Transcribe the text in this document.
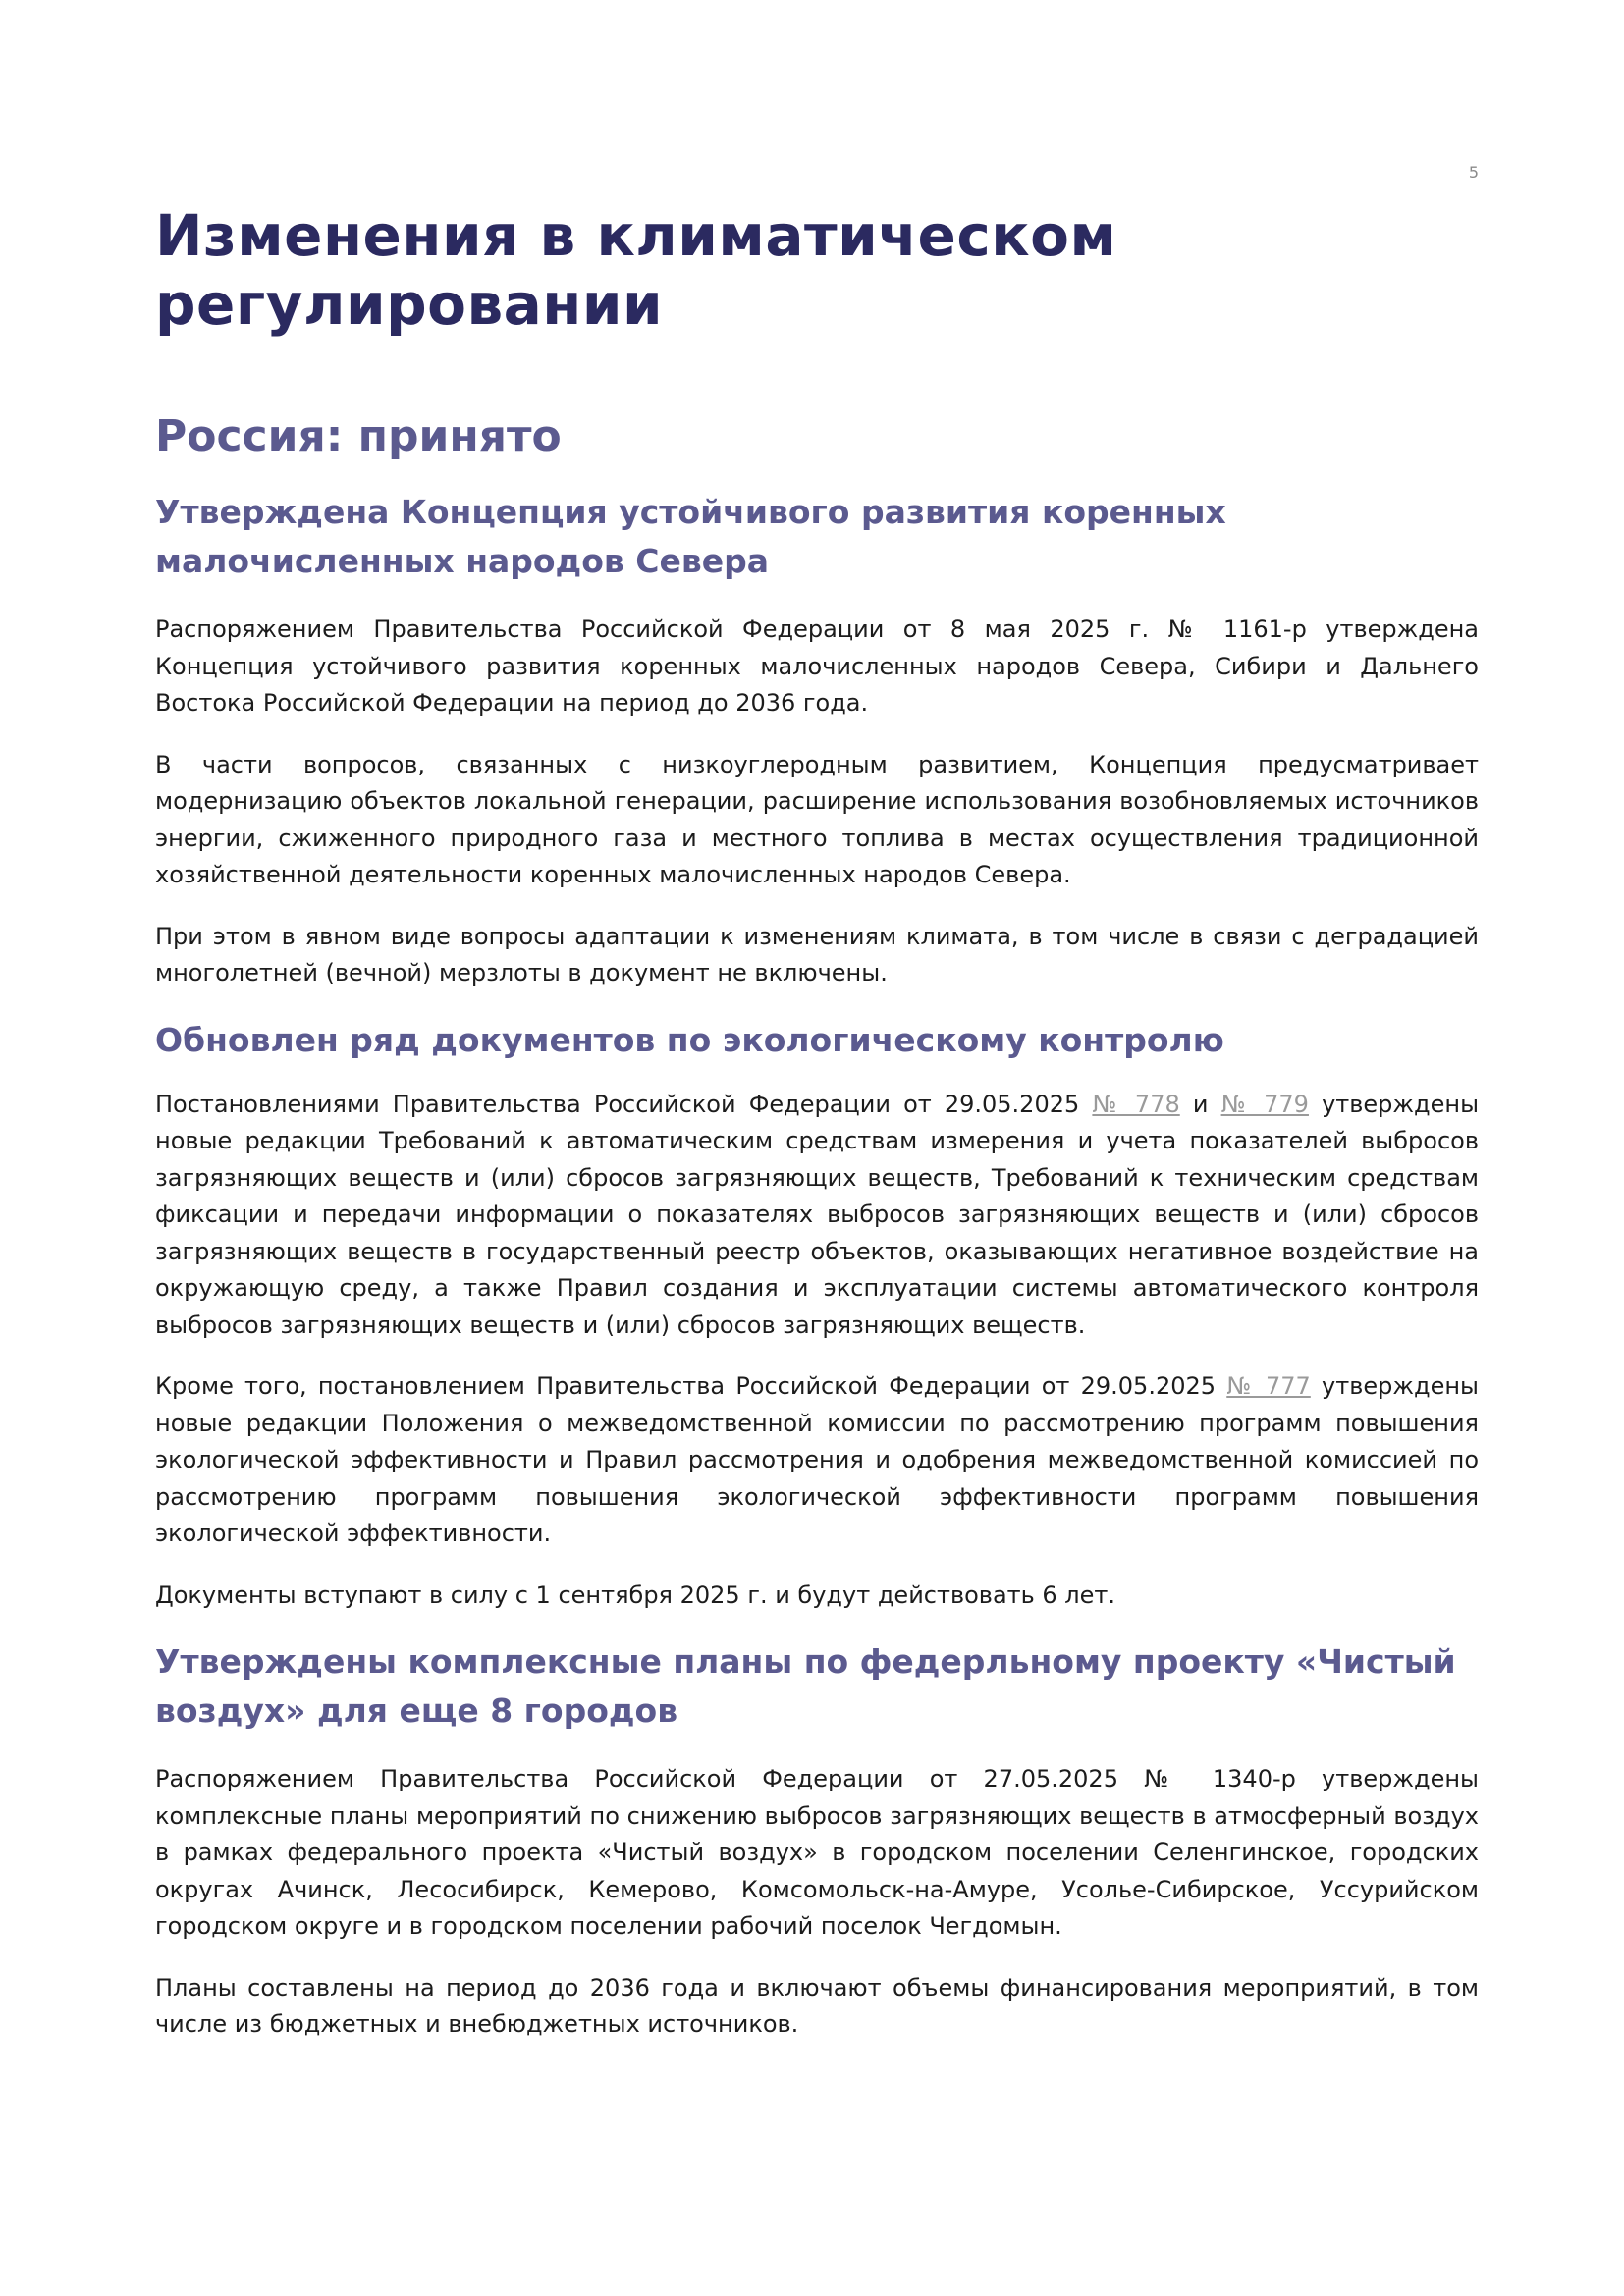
5
Изменения в климатическом регулировании
Россия: принято
Утверждена Концепция устойчивого развития коренных малочисленных народов Севера

Распоряжением Правительства Российской Федерации от 8 мая 2025 г. № 1161-р утверждена Концепция устойчивого развития коренных малочисленных народов Севера, Сибири и Дальнего Востока Российской Федерации на период до 2036 года.

В части вопросов, связанных с низкоуглеродным развитием, Концепция предусматривает модернизацию объектов локальной генерации, расширение использования возобновляемых источников энергии, сжиженного природного газа и местного топлива в местах осуществления традиционной хозяйственной деятельности коренных малочисленных народов Севера.

При этом в явном виде вопросы адаптации к изменениям климата, в том числе в связи с деградацией многолетней (вечной) мерзлоты в документ не включены.

Обновлен ряд документов по экологическому контролю

Постановлениями Правительства Российской Федерации от 29.05.2025 № 778 и № 779 утверждены новые редакции Требований к автоматическим средствам измерения и учета показателей выбросов загрязняющих веществ и (или) сбросов загрязняющих веществ, Требований к техническим средствам фиксации и передачи информации о показателях выбросов загрязняющих веществ и (или) сбросов загрязняющих веществ в государственный реестр объектов, оказывающих негативное воздействие на окружающую среду, а также Правил создания и эксплуатации системы автоматического контроля выбросов загрязняющих веществ и (или) сбросов загрязняющих веществ.

Кроме того, постановлением Правительства Российской Федерации от 29.05.2025 № 777 утверждены новые редакции Положения о межведомственной комиссии по рассмотрению программ повышения экологической эффективности и Правил рассмотрения и одобрения межведомственной комиссией по рассмотрению программ повышения экологической эффективности программ повышения экологической эффективности.

Документы вступают в силу с 1 сентября 2025 г. и будут действовать 6 лет.

Утверждены комплексные планы по федерльному проекту «Чистый воздух» для еще 8 городов

Распоряжением Правительства Российской Федерации от 27.05.2025 № 1340-р утверждены комплексные планы мероприятий по снижению выбросов загрязняющих веществ в атмосферный воздух в рамках федерального проекта «Чистый воздух» в городском поселении Селенгинское, городских округах Ачинск, Лесосибирск, Кемерово, Комсомольск-на-Амуре, Усолье-Сибирское, Уссурийском городском округе и в городском поселении рабочий поселок Чегдомын.

Планы составлены на период до 2036 года и включают объемы финансирования мероприятий, в том числе из бюджетных и внебюджетных источников.
